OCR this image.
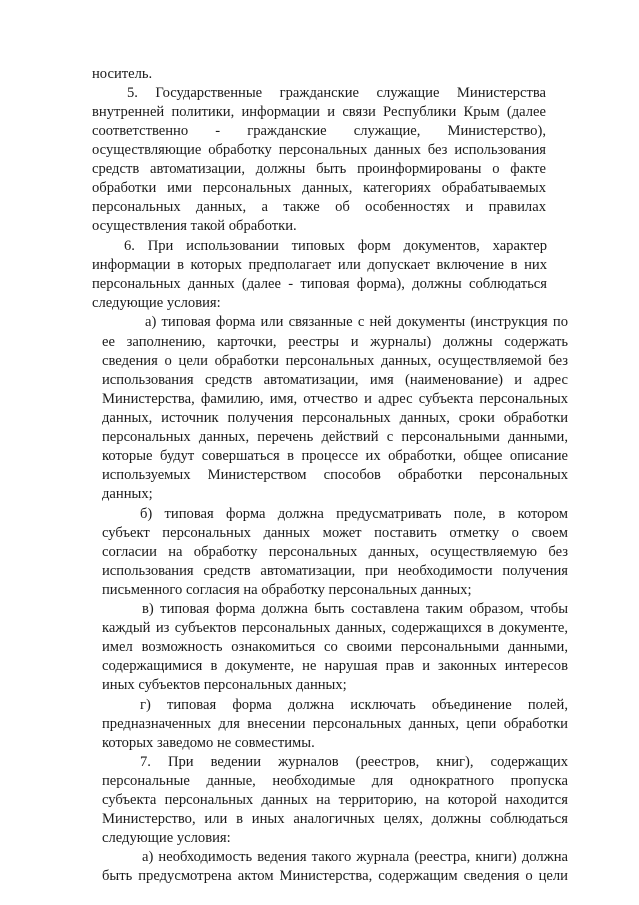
носитель.
5. Государственные гражданские служащие Министерства
внутренней политики, информации и связи Республики Крым (далее
соответственно - гражданские служащие, Министерство),
осуществляющие обработку персональных данных без использования
средств автоматизации, должны быть проинформированы о факте
обработки ими персональных данных, категориях обрабатываемых
персональных данных, а также об особенностях и правилах
осуществления такой обработки.
6. При использовании типовых форм документов, характер
информации в которых предполагает или допускает включение в них
персональных данных (далее - типовая форма), должны соблюдаться
следующие условия:
а) типовая форма или связанные с ней документы (инструкция по
ее заполнению, карточки, реестры и журналы) должны содержать
сведения о цели обработки персональных данных, осуществляемой без
использования средств автоматизации, имя (наименование) и адрес
Министерства, фамилию, имя, отчество и адрес субъекта персональных
данных, источник получения персональных данных, сроки обработки
персональных данных, перечень действий с персональными данными,
которые будут совершаться в процессе их обработки, общее описание
используемых Министерством способов обработки персональных
данных;
б) типовая форма должна предусматривать поле, в котором
субъект персональных данных может поставить отметку о своем
согласии на обработку персональных данных, осуществляемую без
использования средств автоматизации, при необходимости получения
письменного согласия на обработку персональных данных;
в) типовая форма должна быть составлена таким образом, чтобы
каждый из субъектов персональных данных, содержащихся в документе,
имел возможность ознакомиться со своими персональными данными,
содержащимися в документе, не нарушая прав и законных интересов
иных субъектов персональных данных;
г) типовая форма должна исключать объединение полей,
предназначенных для внесении персональных данных, цепи обработки
которых заведомо не совместимы.
7. При ведении журналов (реестров, книг), содержащих
персональные данные, необходимые для однократного пропуска
субъекта персональных данных на территорию, на которой находится
Министерство, или в иных аналогичных целях, должны соблюдаться
следующие условия:
а) необходимость ведения такого журнала (реестра, книги) должна
быть предусмотрена актом Министерства, содержащим сведения о цели
